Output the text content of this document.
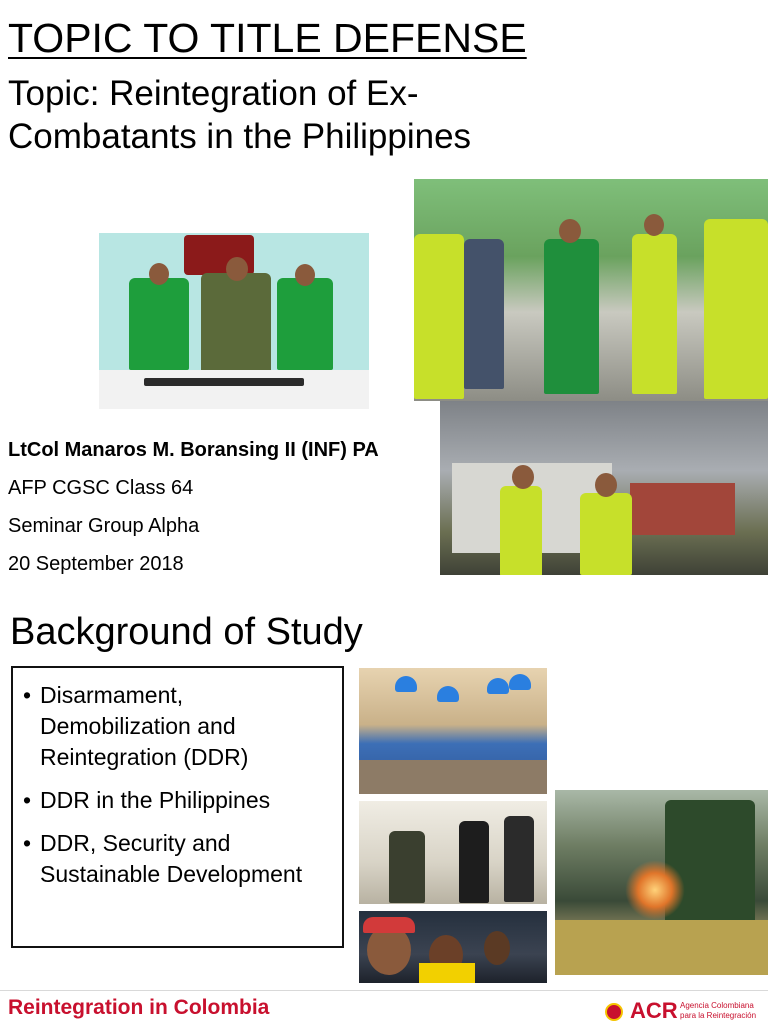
TOPIC TO TITLE DEFENSE
Topic: Reintegration of Ex-Combatants in the Philippines
LtCol Manaros M. Boransing II (INF) PA
AFP CGSC Class 64
Seminar Group Alpha
20 September 2018
Background of Study
• Disarmament, Demobilization and Reintegration (DDR)
• DDR in the Philippines
• DDR, Security and Sustainable Development
Reintegration in Colombia	ACR Agencia Colombiana
para la Reintegración
